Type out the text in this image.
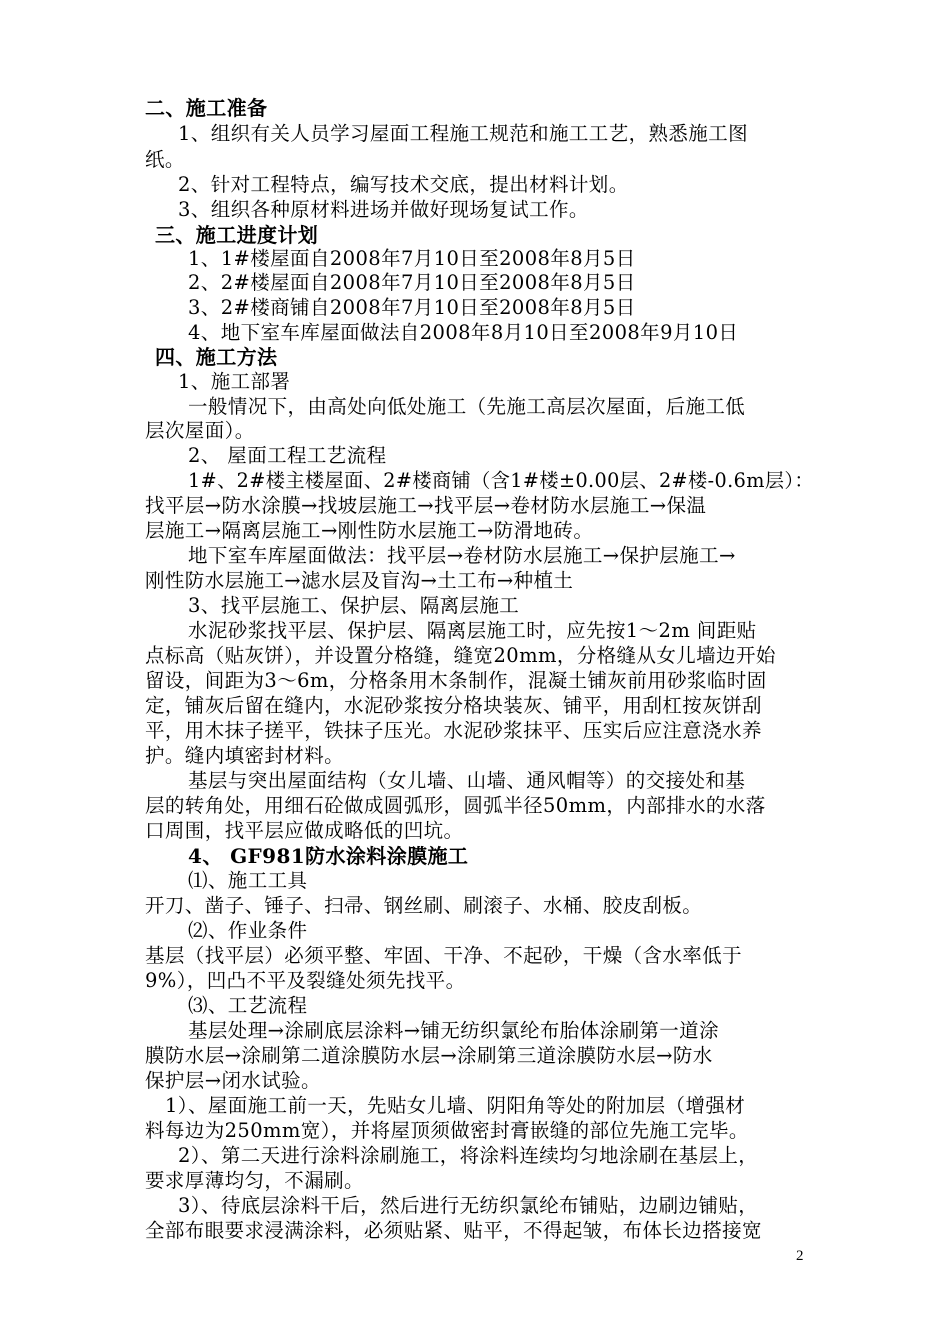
二、施工准备
1、组织有关人员学习屋面工程施工规范和施工工艺，熟悉施工图
纸。
2、针对工程特点，编写技术交底，提出材料计划。
3、组织各种原材料进场并做好现场复试工作。
三、施工进度计划
1、1#楼屋面自2008年7月10日至2008年8月5日
2、2#楼屋面自2008年7月10日至2008年8月5日
3、2#楼商铺自2008年7月10日至2008年8月5日
4、地下室车库屋面做法自2008年8月10日至2008年9月10日
四、施工方法
1、施工部署
一般情况下，由高处向低处施工（先施工高层次屋面，后施工低
层次屋面）。
2、 屋面工程工艺流程
1#、2#楼主楼屋面、2#楼商铺（含1#楼±0.00层、2#楼-0.6m层）：
找平层→防水涂膜→找坡层施工→找平层→卷材防水层施工→保温
层施工→隔离层施工→刚性防水层施工→防滑地砖。
地下室车库屋面做法：找平层→卷材防水层施工→保护层施工→
刚性防水层施工→滤水层及盲沟→土工布→种植土
3、找平层施工、保护层、隔离层施工
水泥砂浆找平层、保护层、隔离层施工时，应先按1～2m 间距贴
点标高（贴灰饼），并设置分格缝，缝宽20mm，分格缝从女儿墙边开始
留设，间距为3～6m，分格条用木条制作，混凝土铺灰前用砂浆临时固
定，铺灰后留在缝内，水泥砂浆按分格块装灰、铺平，用刮杠按灰饼刮
平，用木抹子搓平，铁抹子压光。水泥砂浆抹平、压实后应注意浇水养
护。缝内填密封材料。
基层与突出屋面结构（女儿墙、山墙、通风帽等）的交接处和基
层的转角处，用细石砼做成圆弧形，圆弧半径50mm，内部排水的水落
口周围，找平层应做成略低的凹坑。
4、 GF981防水涂料涂膜施工
⑴、施工工具
开刀、凿子、锤子、扫帚、钢丝刷、刷滚子、水桶、胶皮刮板。
⑵、作业条件
基层（找平层）必须平整、牢固、干净、不起砂，干燥（含水率低于
9%），凹凸不平及裂缝处须先找平。
⑶、工艺流程
基层处理→涂刷底层涂料→铺无纺织氯纶布胎体涂刷第一道涂
膜防水层→涂刷第二道涂膜防水层→涂刷第三道涂膜防水层→防水
保护层→闭水试验。
1）、屋面施工前一天，先贴女儿墙、阴阳角等处的附加层（增强材
料每边为250mm宽），并将屋顶须做密封膏嵌缝的部位先施工完毕。
2）、第二天进行涂料涂刷施工，将涂料连续均匀地涂刷在基层上，
要求厚薄均匀，不漏刷。
3）、待底层涂料干后，然后进行无纺织氯纶布铺贴，边刷边铺贴，
全部布眼要求浸满涂料，必须贴紧、贴平，不得起皱，布体长边搭接宽
2
